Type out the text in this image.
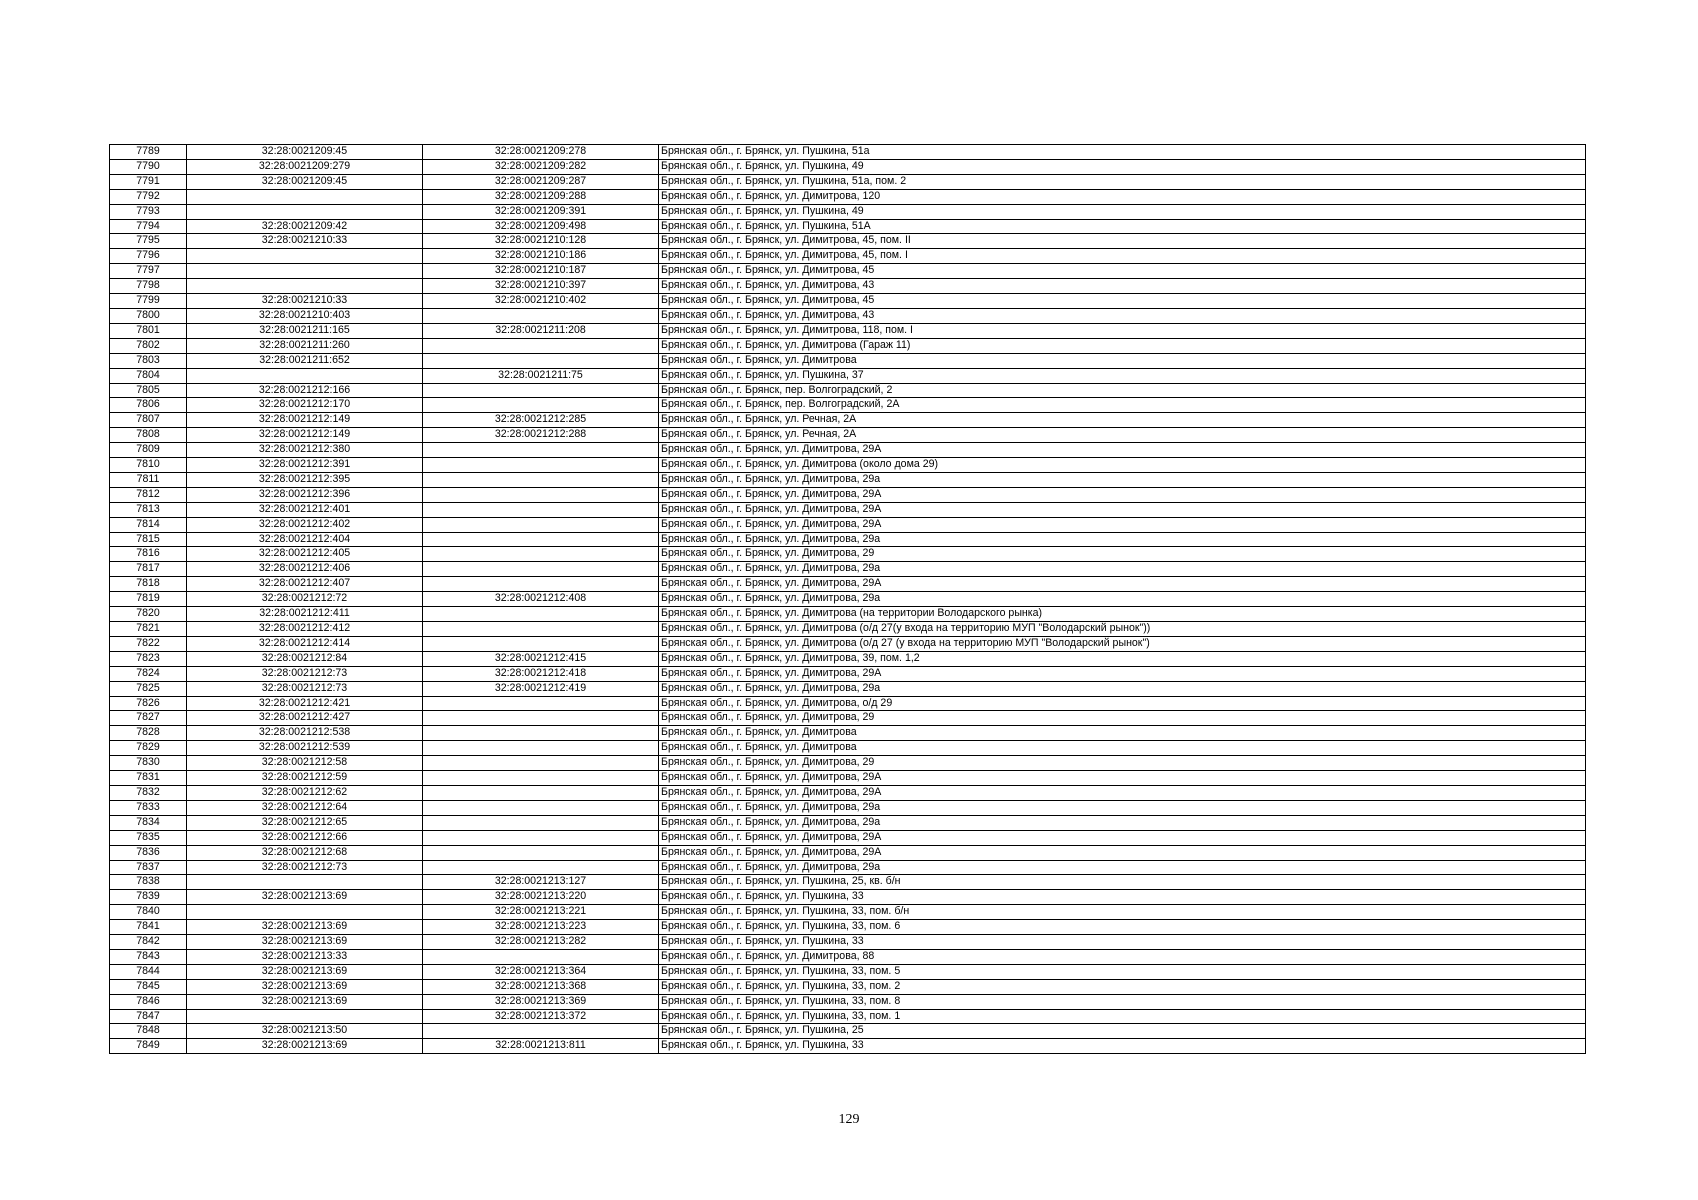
7789	32:28:0021209:45	32:28:0021209:278	Брянская обл., г. Брянск, ул. Пушкина, 51а
7790	32:28:0021209:279	32:28:0021209:282	Брянская обл., г. Брянск, ул. Пушкина, 49
7791	32:28:0021209:45	32:28:0021209:287	Брянская обл., г. Брянск, ул. Пушкина, 51а, пом. 2
7792		32:28:0021209:288	Брянская обл., г. Брянск, ул. Димитрова, 120
7793		32:28:0021209:391	Брянская обл., г. Брянск, ул. Пушкина, 49
7794	32:28:0021209:42	32:28:0021209:498	Брянская обл., г. Брянск, ул. Пушкина, 51А
7795	32:28:0021210:33	32:28:0021210:128	Брянская обл., г. Брянск, ул. Димитрова, 45, пом. II
7796		32:28:0021210:186	Брянская обл., г. Брянск, ул. Димитрова, 45, пом. I
7797		32:28:0021210:187	Брянская обл., г. Брянск, ул. Димитрова, 45
7798		32:28:0021210:397	Брянская обл., г. Брянск, ул. Димитрова, 43
7799	32:28:0021210:33	32:28:0021210:402	Брянская обл., г. Брянск, ул. Димитрова, 45
7800	32:28:0021210:403		Брянская обл., г. Брянск, ул. Димитрова, 43
7801	32:28:0021211:165	32:28:0021211:208	Брянская обл., г. Брянск, ул. Димитрова, 118, пом. I
7802	32:28:0021211:260		Брянская обл., г. Брянск, ул. Димитрова (Гараж 11)
7803	32:28:0021211:652		Брянская обл., г. Брянск, ул. Димитрова
7804		32:28:0021211:75	Брянская обл., г. Брянск, ул. Пушкина, 37
7805	32:28:0021212:166		Брянская обл., г. Брянск, пер. Волгоградский, 2
7806	32:28:0021212:170		Брянская обл., г. Брянск, пер. Волгоградский, 2А
7807	32:28:0021212:149	32:28:0021212:285	Брянская обл., г. Брянск, ул. Речная, 2А
7808	32:28:0021212:149	32:28:0021212:288	Брянская обл., г. Брянск, ул. Речная, 2А
7809	32:28:0021212:380		Брянская обл., г. Брянск, ул. Димитрова, 29А
7810	32:28:0021212:391		Брянская обл., г. Брянск, ул. Димитрова (около дома 29)
7811	32:28:0021212:395		Брянская обл., г. Брянск, ул. Димитрова, 29а
7812	32:28:0021212:396		Брянская обл., г. Брянск, ул. Димитрова, 29А
7813	32:28:0021212:401		Брянская обл., г. Брянск, ул. Димитрова, 29А
7814	32:28:0021212:402		Брянская обл., г. Брянск, ул. Димитрова, 29А
7815	32:28:0021212:404		Брянская обл., г. Брянск, ул. Димитрова, 29а
7816	32:28:0021212:405		Брянская обл., г. Брянск, ул. Димитрова, 29
7817	32:28:0021212:406		Брянская обл., г. Брянск, ул. Димитрова, 29а
7818	32:28:0021212:407		Брянская обл., г. Брянск, ул. Димитрова, 29А
7819	32:28:0021212:72	32:28:0021212:408	Брянская обл., г. Брянск, ул. Димитрова, 29а
7820	32:28:0021212:411		Брянская обл., г. Брянск, ул. Димитрова (на территории Володарского рынка)
7821	32:28:0021212:412		Брянская обл., г. Брянск, ул. Димитрова (о/д 27(у входа на территорию МУП "Володарский рынок"))
7822	32:28:0021212:414		Брянская обл., г. Брянск, ул. Димитрова (о/д 27 (у входа на территорию МУП "Володарский рынок")
7823	32:28:0021212:84	32:28:0021212:415	Брянская обл., г. Брянск, ул. Димитрова, 39, пом. 1,2
7824	32:28:0021212:73	32:28:0021212:418	Брянская обл., г. Брянск, ул. Димитрова, 29А
7825	32:28:0021212:73	32:28:0021212:419	Брянская обл., г. Брянск, ул. Димитрова, 29а
7826	32:28:0021212:421		Брянская обл., г. Брянск, ул. Димитрова, о/д 29
7827	32:28:0021212:427		Брянская обл., г. Брянск, ул. Димитрова, 29
7828	32:28:0021212:538		Брянская обл., г. Брянск, ул. Димитрова
7829	32:28:0021212:539		Брянская обл., г. Брянск, ул. Димитрова
7830	32:28:0021212:58		Брянская обл., г. Брянск, ул. Димитрова, 29
7831	32:28:0021212:59		Брянская обл., г. Брянск, ул. Димитрова, 29А
7832	32:28:0021212:62		Брянская обл., г. Брянск, ул. Димитрова, 29А
7833	32:28:0021212:64		Брянская обл., г. Брянск, ул. Димитрова, 29а
7834	32:28:0021212:65		Брянская обл., г. Брянск, ул. Димитрова, 29а
7835	32:28:0021212:66		Брянская обл., г. Брянск, ул. Димитрова, 29А
7836	32:28:0021212:68		Брянская обл., г. Брянск, ул. Димитрова, 29А
7837	32:28:0021212:73		Брянская обл., г. Брянск, ул. Димитрова, 29а
7838		32:28:0021213:127	Брянская обл., г. Брянск, ул. Пушкина, 25, кв. б/н
7839	32:28:0021213:69	32:28:0021213:220	Брянская обл., г. Брянск, ул. Пушкина, 33
7840		32:28:0021213:221	Брянская обл., г. Брянск, ул. Пушкина, 33, пом. б/н
7841	32:28:0021213:69	32:28:0021213:223	Брянская обл., г. Брянск, ул. Пушкина, 33, пом. 6
7842	32:28:0021213:69	32:28:0021213:282	Брянская обл., г. Брянск, ул. Пушкина, 33
7843	32:28:0021213:33		Брянская обл., г. Брянск, ул. Димитрова, 88
7844	32:28:0021213:69	32:28:0021213:364	Брянская обл., г. Брянск, ул. Пушкина, 33, пом. 5
7845	32:28:0021213:69	32:28:0021213:368	Брянская обл., г. Брянск, ул. Пушкина, 33, пом. 2
7846	32:28:0021213:69	32:28:0021213:369	Брянская обл., г. Брянск, ул. Пушкина, 33, пом. 8
7847		32:28:0021213:372	Брянская обл., г. Брянск, ул. Пушкина, 33, пом. 1
7848	32:28:0021213:50		Брянская обл., г. Брянск, ул. Пушкина, 25
7849	32:28:0021213:69	32:28:0021213:811	Брянская обл., г. Брянск, ул. Пушкина, 33
129
